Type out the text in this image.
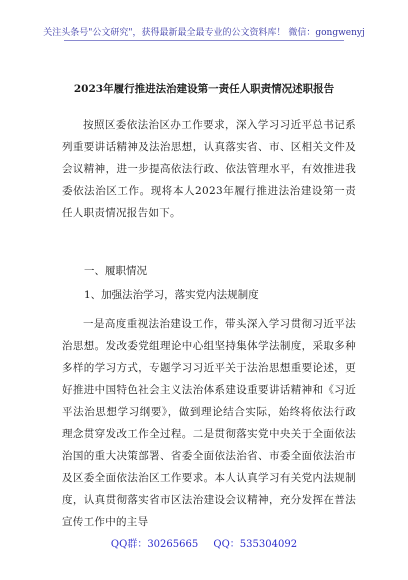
关注头条号"公文研究"，获得最新最全最专业的公文资料库！ 微信：gongwenyj
2023年履行推进法治建设第一责任人职责情况述职报告
按照区委依法治区办工作要求，深入学习习近平总书记系列重要讲话精神及法治思想，认真落实省、市、区相关文件及会议精神，进一步提高依法行政、依法管理水平，有效推进我委依法治区工作。现将本人2023年履行推进法治建设第一责任人职责情况报告如下。
一、履职情况
1、加强法治学习，落实党内法规制度
一是高度重视法治建设工作，带头深入学习贯彻习近平法治思想。发改委党组理论中心组坚持集体学法制度，采取多种多样的学习方式，专题学习习近平关于法治思想重要论述，更好推进中国特色社会主义法治体系建设重要讲话精神和《习近平法治思想学习纲要》，做到理论结合实际，始终将依法行政理念贯穿发改工作全过程。二是贯彻落实党中央关于全面依法治国的重大决策部署、省委全面依法治省、市委全面依法治市及区委全面依法治区工作要求。本人认真学习有关党内法规制度，认真贯彻落实省市区法治建设会议精神，充分发挥在普法宣传工作中的主导
QQ群：30265665 QQ：535304092
